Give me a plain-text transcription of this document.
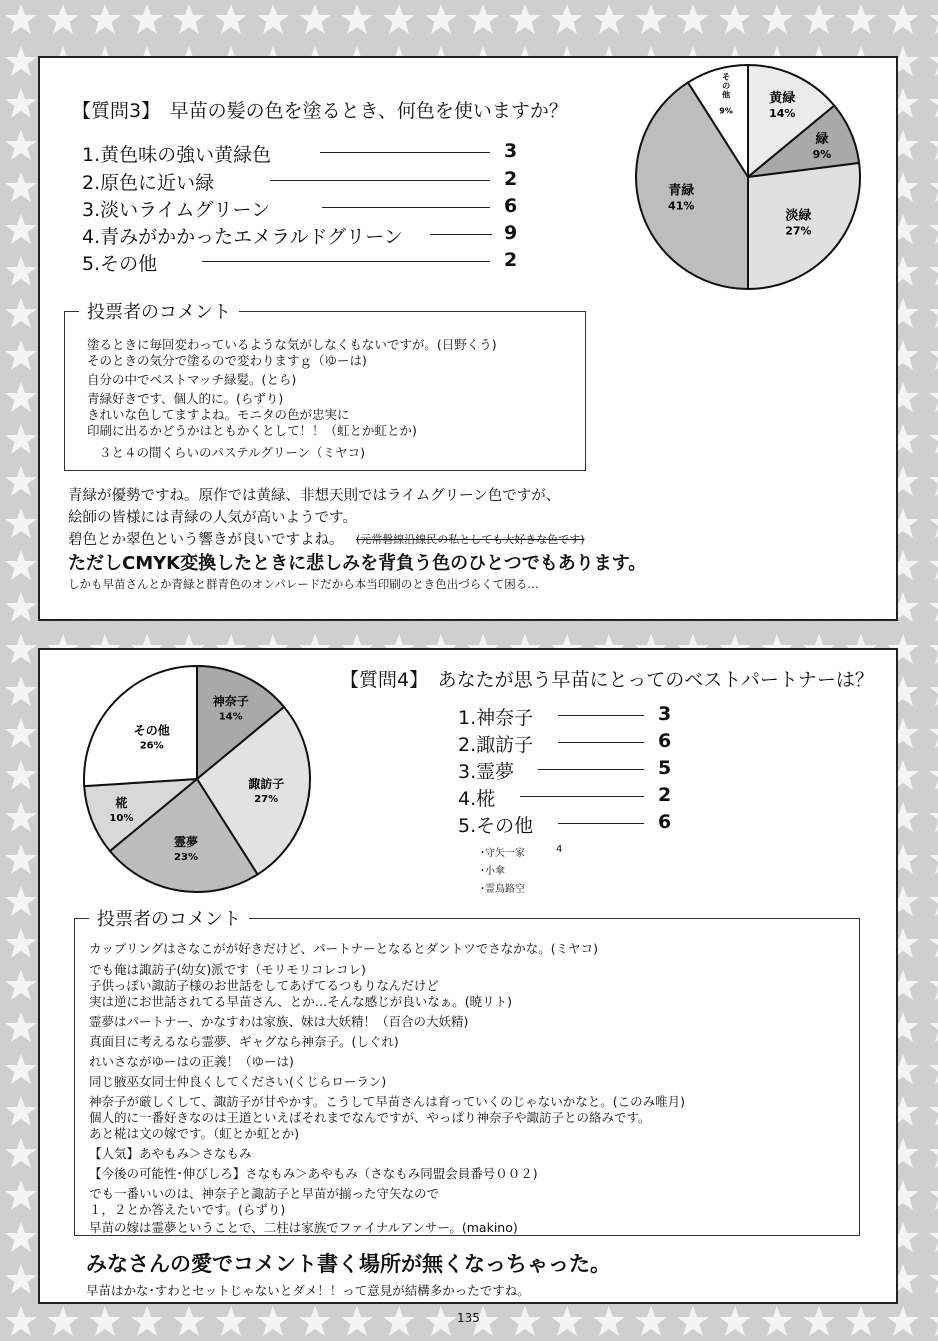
【質問3】　早苗の髪の色を塗るとき、何色を使いますか？
1.黄色味の強い黄緑色	3
2.原色に近い緑	2
3.淡いライムグリーン	6
4.青みがかかったエメラルドグリーン	9
5.その他	2
黄緑
14%
緑
9%
淡緑
27%
青緑
41%
その他
9%
投票者のコメント
塗るときに毎回変わっているような気がしなくもないですが。(日野くう)
そのときの気分で塗るので変わりますｇ（ゆーは)
自分の中でベストマッチ緑髪。(とら)
青緑好きです、個人的に。(らずり)
きれいな色してますよね。モニタの色が忠実に
印刷に出るかどうかはともかくとして！！（虹とか虹とか)
３と４の間くらいのパステルグリーン（ミヤコ)
青緑が優勢ですね。原作では黄緑、非想天則ではライムグリーン色ですが、
絵師の皆様には青緑の人気が高いようです。
碧色とか翠色という響きが良いですよね。 (元常磐線沿線民の私としても大好きな色です)
ただしCMYK変換したときに悲しみを背負う色のひとつでもあります。
しかも早苗さんとか青緑と群青色のオンパレードだから本当印刷のとき色出づらくて困る…
神奈子
14%
諏訪子
27%
霊夢
23%
椛
10%
その他
26%
【質問4】　あなたが思う早苗にとってのベストパートナーは？
1.神奈子	3
2.諏訪子	6
3.霊夢	5
4.椛	2
5.その他	6
･守矢一家	4
･小傘
･霊鳥路空
投票者のコメント
カップリングはさなこがが好きだけど、パートナーとなるとダントツでさなかな。(ミヤコ)
でも俺は諏訪子(幼女)派です（モリモリコレコレ)
子供っぽい諏訪子様のお世話をしてあげてるつもりなんだけど
実は逆にお世話されてる早苗さん、とか…そんな感じが良いなぁ。(暁リト)
霊夢はパートナー、かなすわは家族、妹は大妖精！（百合の大妖精)
真面目に考えるなら霊夢、ギャグなら神奈子。(しぐれ)
れいさながゆーはの正義！（ゆーは)
同じ腋巫女同士仲良くしてください(くじらローラン)
神奈子が厳しくして、諏訪子が甘やかす。こうして早苗さんは育っていくのじゃないかなと。(このみ唯月)
個人的に一番好きなのは王道といえばそれまでなんですが、やっぱり神奈子や諏訪子との絡みです。
あと椛は文の嫁です。（虹とか虹とか)
【人気】あやもみ＞さなもみ
【今後の可能性･伸びしろ】さなもみ＞あやもみ（さなもみ同盟会員番号００２)
でも一番いいのは、神奈子と諏訪子と早苗が揃った守矢なので
１，２とか答えたいです。(らずり)
早苗の嫁は霊夢ということで、二柱は家族でファイナルアンサー。(makino)
みなさんの愛でコメント書く場所が無くなっちゃった。
早苗はかな･すわとセットじゃないとダメ！！って意見が結構多かったですね。
135
